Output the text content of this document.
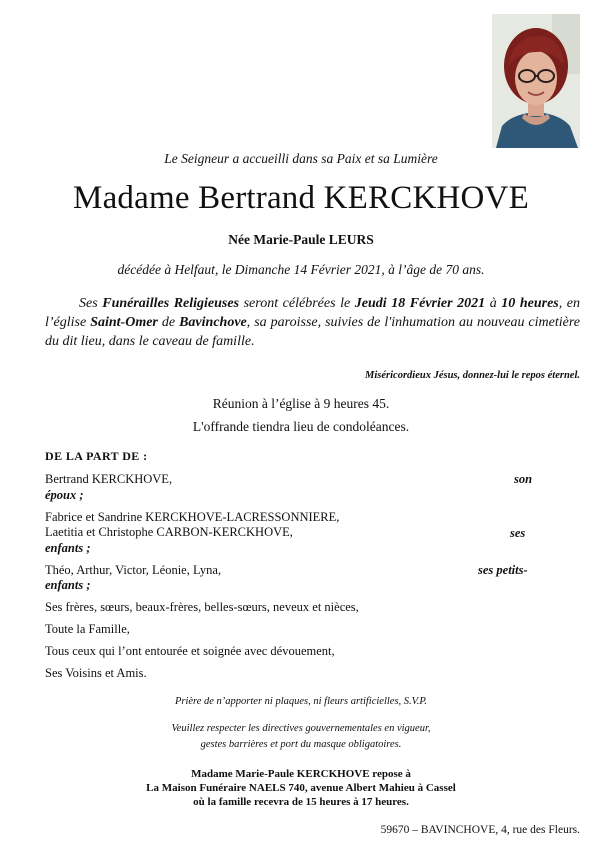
Le Seigneur a accueilli dans sa Paix et sa Lumière
Madame Bertrand KERCKHOVE
Née Marie-Paule LEURS
décédée à Helfaut, le Dimanche 14 Février 2021, à l’âge de 70 ans.
Ses Funérailles Religieuses seront célébrées le Jeudi 18 Février 2021 à 10 heures, en l’église Saint-Omer de Bavinchove, sa paroisse, suivies de l'inhumation au nouveau cimetière du dit lieu, dans le caveau de famille.
Miséricordieux Jésus, donnez-lui le repos éternel.
Réunion à l’église à 9 heures 45.
L'offrande tiendra lieu de condoléances.
DE LA PART DE :
Bertrand KERCKHOVE,	son
époux ;
Fabrice et Sandrine KERCKHOVE-LACRESSONNIERE,
Laetitia et Christophe CARBON-KERCKHOVE,	ses
enfants ;
Théo, Arthur, Victor, Léonie, Lyna,	ses petits-
enfants ;
Ses frères, sœurs, beaux-frères, belles-sœurs, neveux et nièces,
Toute la Famille,
Tous ceux qui l’ont entourée et soignée avec dévouement,
Ses Voisins et Amis.
Prière de n’apporter ni plaques, ni fleurs artificielles, S.V.P.
Veuillez respecter les directives gouvernementales en vigueur,
gestes barrières et port du masque obligatoires.
Madame Marie-Paule KERCKHOVE repose à
La Maison Funéraire NAELS 740, avenue Albert Mahieu à Cassel
où la famille recevra de 15 heures à 17 heures.
59670 – BAVINCHOVE, 4, rue des Fleurs.
